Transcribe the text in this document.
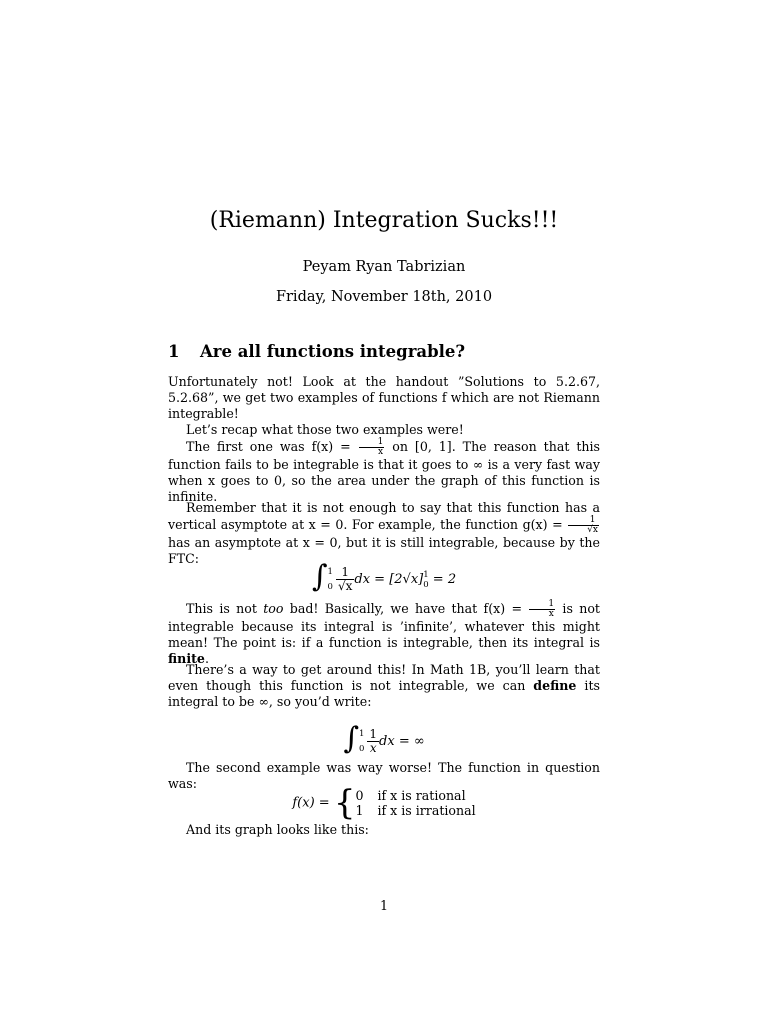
(Riemann) Integration Sucks!!!
Peyam Ryan Tabrizian
Friday, November 18th, 2010
1 Are all functions integrable?

Unfortunately not! Look at the handout ”Solutions to 5.2.67, 5.2.68”, we get two examples of functions f which are not Riemann integrable!

Let’s recap what those two examples were!

The first one was $f(x) = \frac{1}{x}$ on [0, 1]. The reason that this function fails to be integrable is that it goes to ∞ is a very fast way when x goes to 0, so the area under the graph of this function is infinite.

Remember that it is not enough to say that this function has a vertical asymptote at x = 0. For example, the function $g(x) = \frac{1}{√x}$
has an asymptote at x = 0, but it is still integrable, because by the FTC:

∫ 1
$0 \frac{1}{√x}$ dx = [2√x] 1
0 = 2

This is not too bad! Basically, we have that $f(x) = \frac{1}{x}$ is not integrable because its integral is ’infinite’, whatever this might mean! The point is: if a function is integrable, then its integral is finite.

There’s a way to get around this! In Math 1B, you’ll learn that even though this function is not integrable, we can define its integral to be ∞, so you’d write:

∫ 1
$0 \frac{1}{x}$ dx = ∞

The second example was way worse! The function in question was:

f(x) = { 0 if x is rational
1 if x is irrational

And its graph looks like this:

1
